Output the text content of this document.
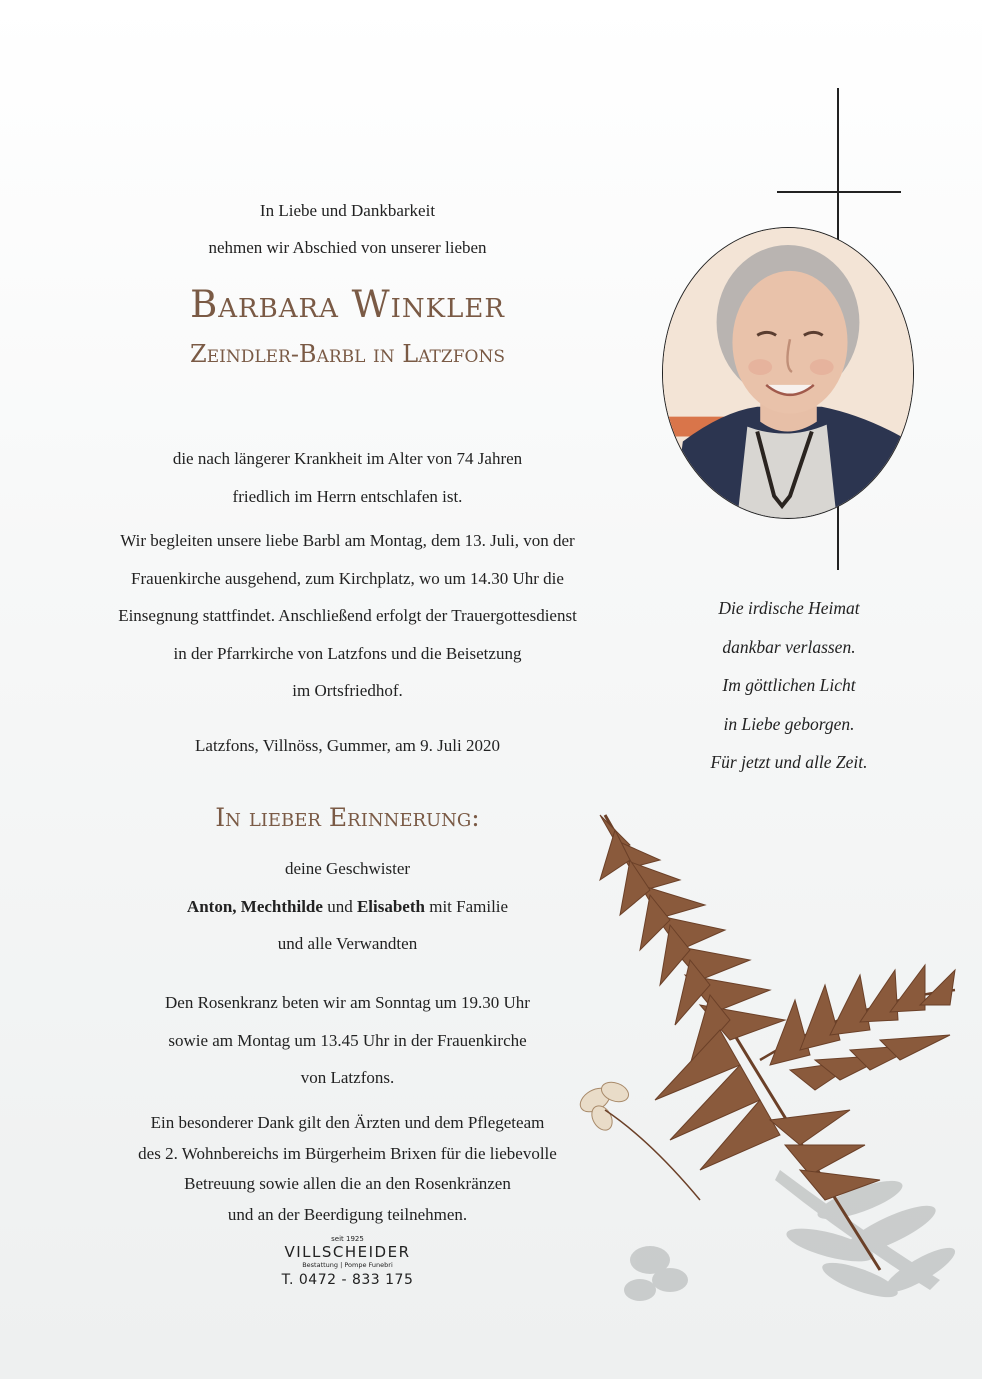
In Liebe und Dankbarkeit
nehmen wir Abschied von unserer lieben
Barbara Winkler
Zeindler-Barbl in Latzfons
die nach längerer Krankheit im Alter von 74 Jahren
friedlich im Herrn entschlafen ist.
Wir begleiten unsere liebe Barbl am Montag, dem 13. Juli, von der
Frauenkirche ausgehend, zum Kirchplatz, wo um 14.30 Uhr die
Einsegnung stattfindet. Anschließend erfolgt der Trauergottesdienst
in der Pfarrkirche von Latzfons und die Beisetzung
im Ortsfriedhof.
Latzfons, Villnöss, Gummer, am 9. Juli 2020
In lieber Erinnerung:
deine Geschwister
Anton, Mechthilde und Elisabeth mit Familie
und alle Verwandten
Den Rosenkranz beten wir am Sonntag um 19.30 Uhr
sowie am Montag um 13.45 Uhr in der Frauenkirche
von Latzfons.
Ein besonderer Dank gilt den Ärzten und dem Pflegeteam
des 2. Wohnbereichs im Bürgerheim Brixen für die liebevolle
Betreuung sowie allen die an den Rosenkränzen
und an der Beerdigung teilnehmen.
Die irdische Heimat
dankbar verlassen.
Im göttlichen Licht
in Liebe geborgen.
Für jetzt und alle Zeit.
seit 1925
VILLSCHEIDER
Bestattung | Pompe Funebri
T. 0472 - 833 175
